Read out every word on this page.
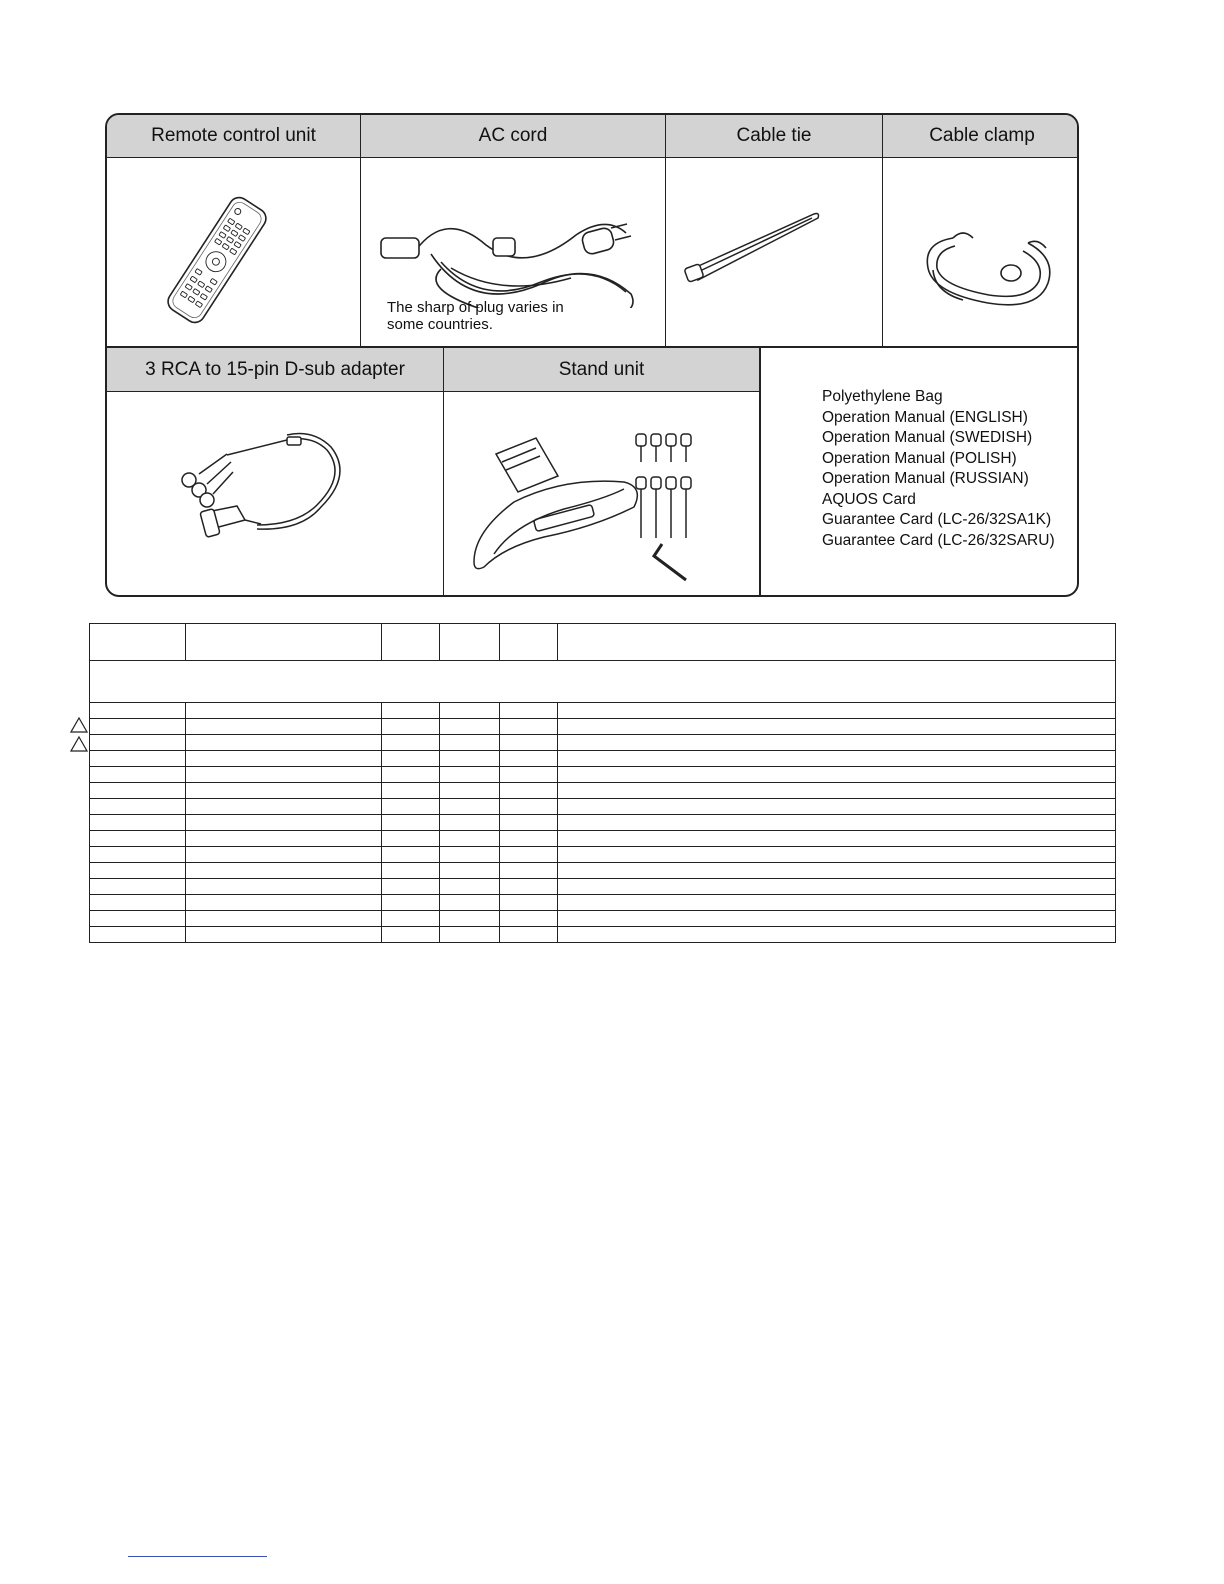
Remote control unit	AC cord	Cable tie	Cable clamp
The sharp of plug varies in
some countries.
3 RCA to 15-pin D-sub adapter	Stand unit
Polyethylene Bag
Operation Manual (ENGLISH)
Operation Manual (SWEDISH)
Operation Manual (POLISH)
Operation Manual (RUSSIAN)
AQUOS Card
Guarantee Card (LC-26/32SA1K)
Guarantee Card (LC-26/32SARU)
